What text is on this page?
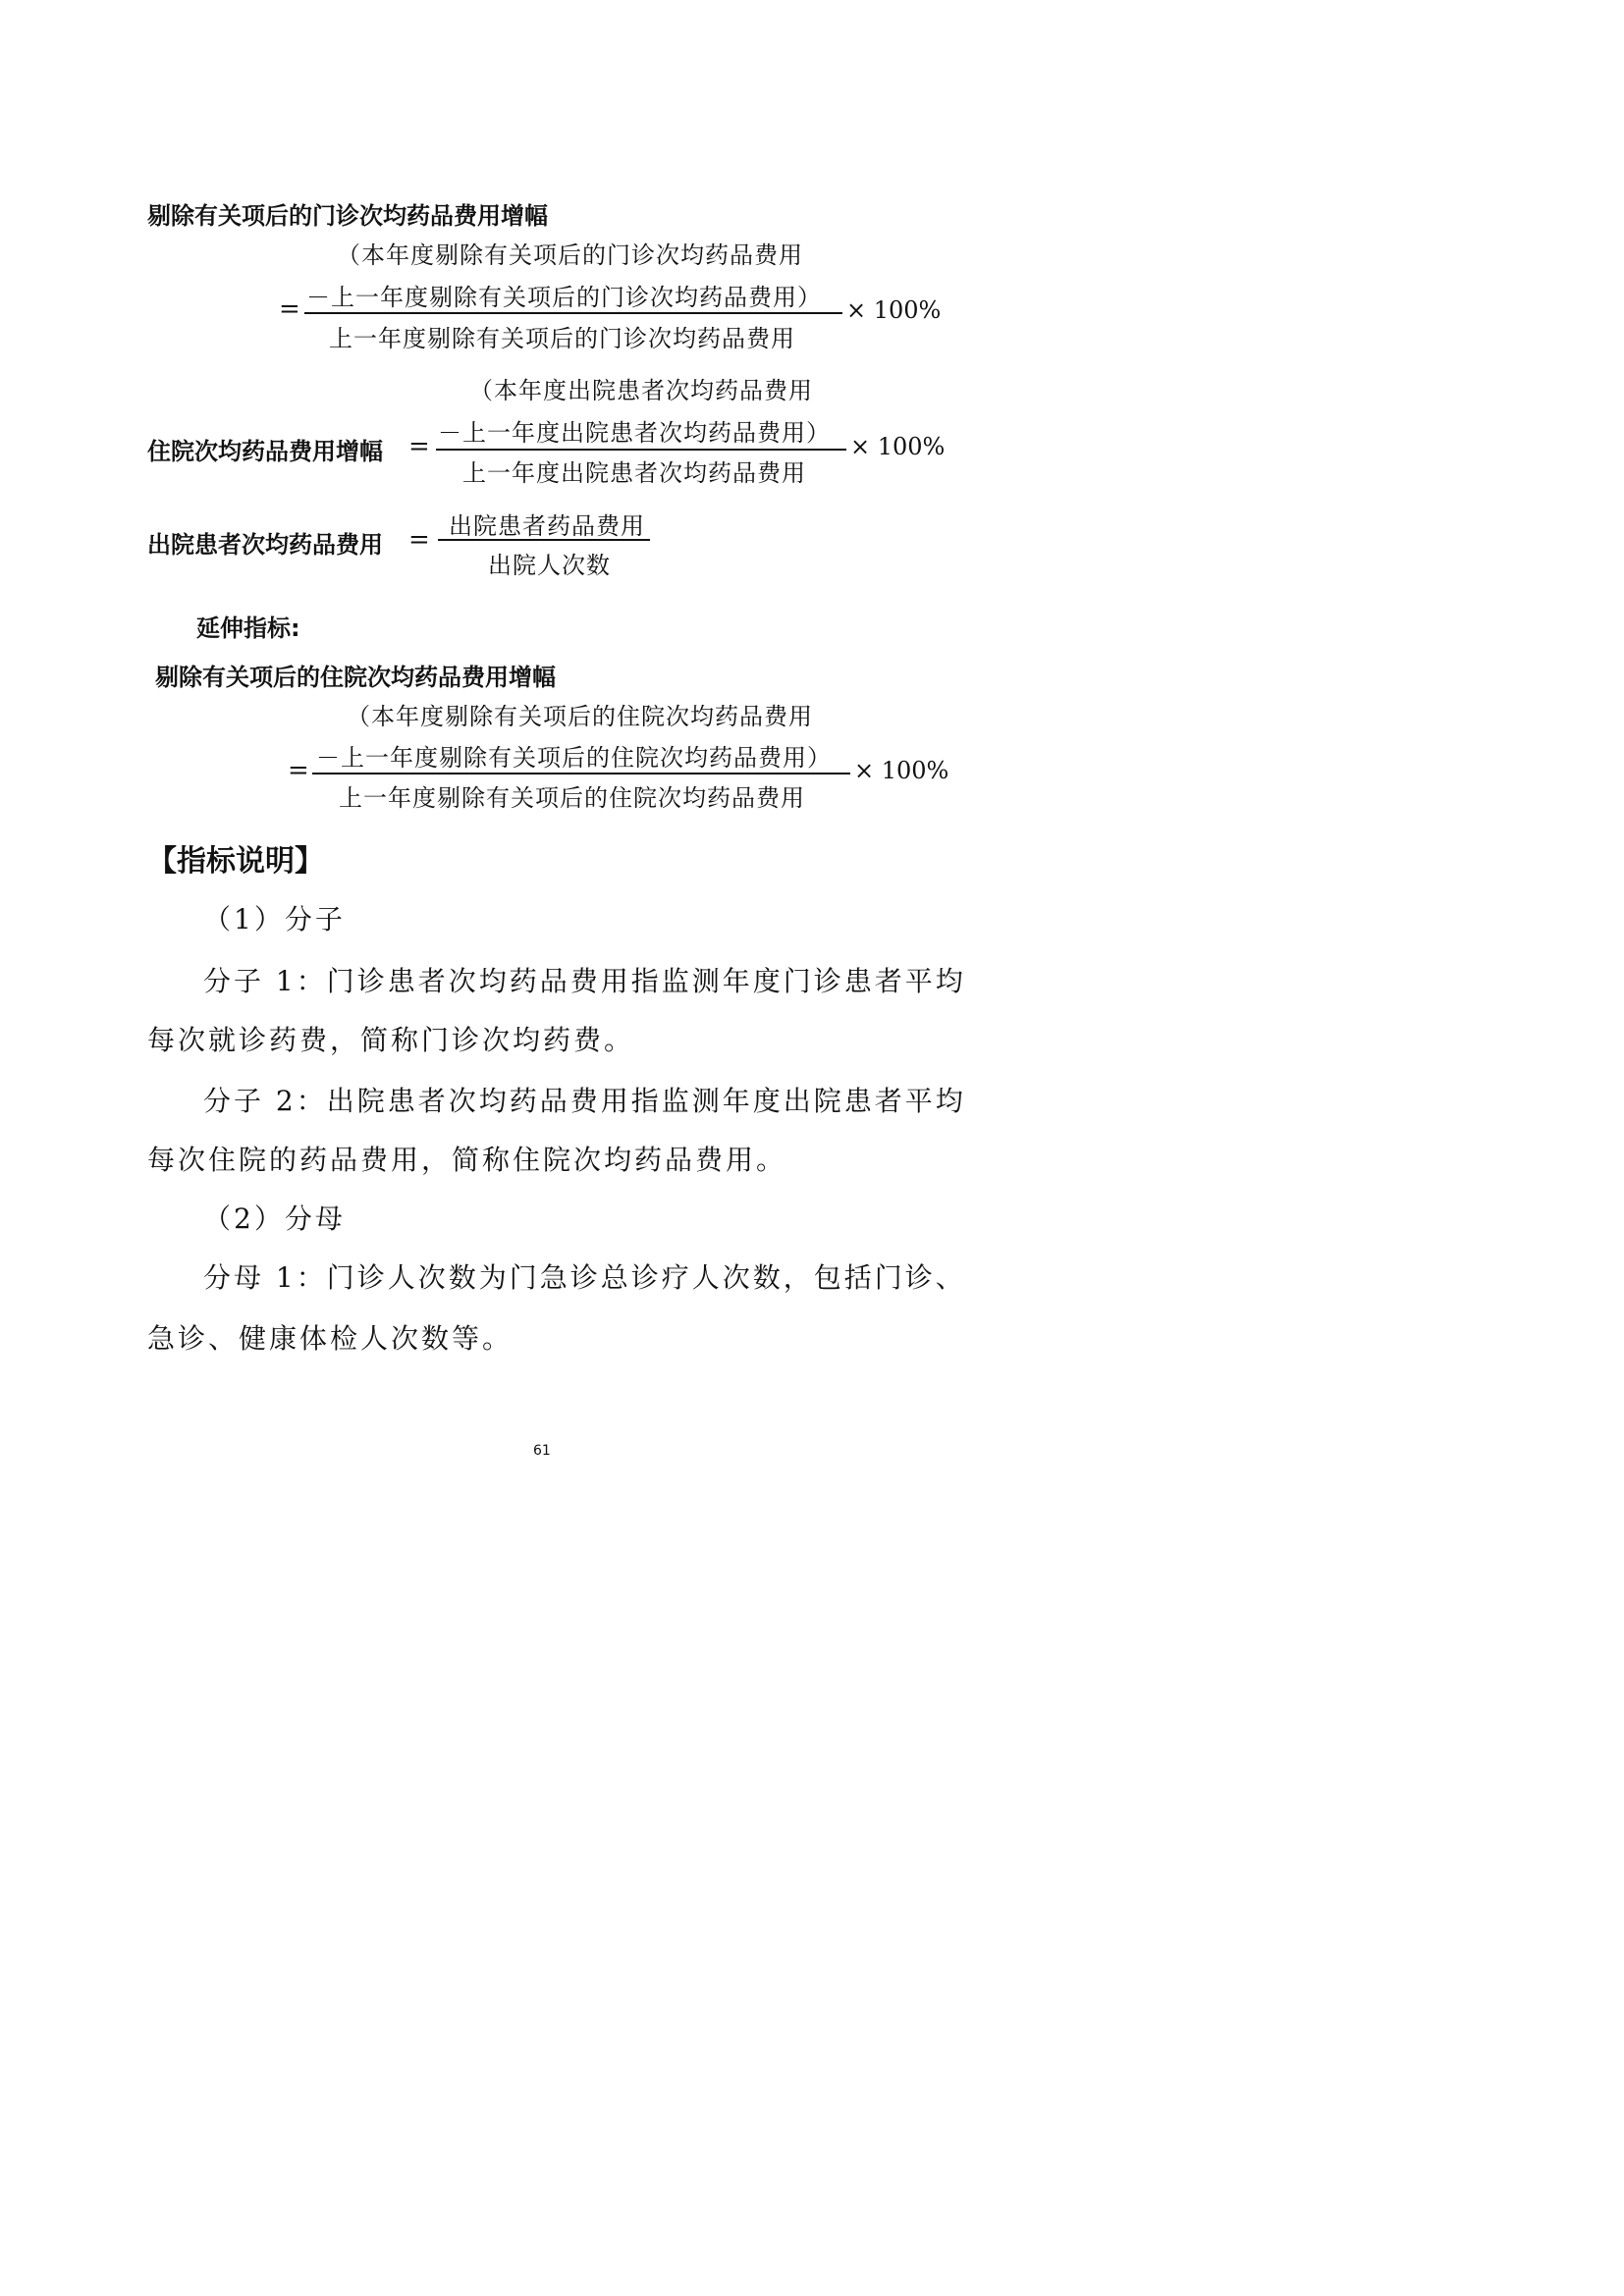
剔除有关项后的门诊次均药品费用增幅
（本年度剔除有关项后的门诊次均药品费用
－上一年度剔除有关项后的门诊次均药品费用）
=	× 100%
上一年度剔除有关项后的门诊次均药品费用
（本年度出院患者次均药品费用
－上一年度出院患者次均药品费用）
住院次均药品费用增幅 =	× 100%
上一年度出院患者次均药品费用
出院患者药品费用
出院患者次均药品费用 =
出院人次数
延伸指标:
剔除有关项后的住院次均药品费用增幅
（本年度剔除有关项后的住院次均药品费用
－上一年度剔除有关项后的住院次均药品费用）
=	× 100%
上一年度剔除有关项后的住院次均药品费用
【指标说明】
（1）分子
分子 1：门诊患者次均药品费用指监测年度门诊患者平均
每次就诊药费，简称门诊次均药费。
分子 2：出院患者次均药品费用指监测年度出院患者平均
每次住院的药品费用，简称住院次均药品费用。
（2）分母
分母 1：门诊人次数为门急诊总诊疗人次数，包括门诊、
急诊、健康体检人次数等。
61
